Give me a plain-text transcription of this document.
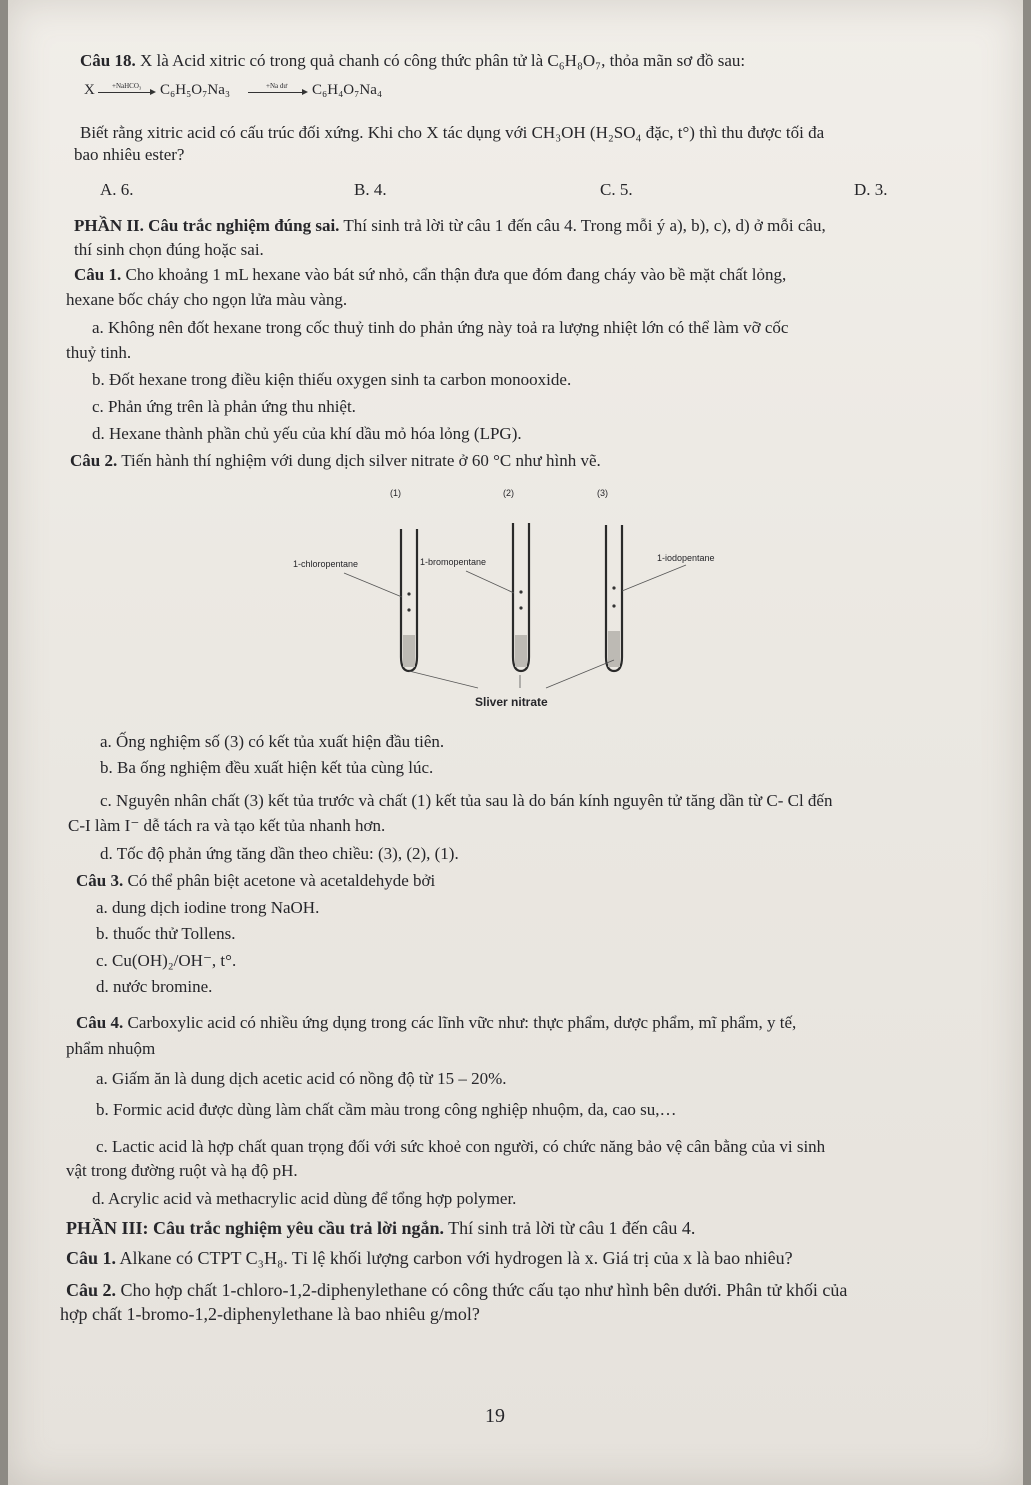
Câu 18. X là Acid xitric có trong quả chanh có công thức phân tử là C₆H₈O₇, thỏa mãn sơ đồ sau:
X +NaHCO₃ C₆H₅O₇Na₃	+Na dư C₆H₄O₇Na₄
Biết rằng xitric acid có cấu trúc đối xứng. Khi cho X tác dụng với CH₃OH (H₂SO₄ đặc, t°) thì thu được tối đa
bao nhiêu ester?
A. 6.	B. 4.	C. 5.	D. 3.
PHẦN II. Câu trắc nghiệm đúng sai. Thí sinh trả lời từ câu 1 đến câu 4. Trong mỗi ý a), b), c), d) ở mỗi câu,
thí sinh chọn đúng hoặc sai.
Câu 1. Cho khoảng 1 mL hexane vào bát sứ nhỏ, cẩn thận đưa que đóm đang cháy vào bề mặt chất lỏng,
hexane bốc cháy cho ngọn lửa màu vàng.
a. Không nên đốt hexane trong cốc thuỷ tinh do phản ứng này toả ra lượng nhiệt lớn có thể làm vỡ cốc
thuỷ tinh.
b. Đốt hexane trong điều kiện thiếu oxygen sinh ta carbon monooxide.
c. Phản ứng trên là phản ứng thu nhiệt.
d. Hexane thành phần chủ yếu của khí dầu mỏ hóa lỏng (LPG).
Câu 2. Tiến hành thí nghiệm với dung dịch silver nitrate ở 60 °C như hình vẽ.
(1)	(2)	(3)
1-chloropentane	1-bromopentane	1-iodopentane
Sliver nitrate
a. Ống nghiệm số (3) có kết tủa xuất hiện đầu tiên.
b. Ba ống nghiệm đều xuất hiện kết tủa cùng lúc.
c. Nguyên nhân chất (3) kết tủa trước và chất (1) kết tủa sau là do bán kính nguyên tử tăng dần từ C- Cl đến
C-I làm I⁻ dễ tách ra và tạo kết tủa nhanh hơn.
d. Tốc độ phản ứng tăng dần theo chiều: (3), (2), (1).
Câu 3. Có thể phân biệt acetone và acetaldehyde bởi
a. dung dịch iodine trong NaOH.
b. thuốc thử Tollens.
c. Cu(OH)₂/OH⁻, t°.
d. nước bromine.
Câu 4. Carboxylic acid có nhiều ứng dụng trong các lĩnh vữc như: thực phẩm, dược phẩm, mĩ phẩm, y tế,
phẩm nhuộm
a. Giấm ăn là dung dịch acetic acid có nồng độ từ 15 – 20%.
b. Formic acid được dùng làm chất cầm màu trong công nghiệp nhuộm, da, cao su,…
c. Lactic acid là hợp chất quan trọng đối với sức khoẻ con người, có chức năng bảo vệ cân bằng của vi sinh
vật trong đường ruột và hạ độ pH.
d. Acrylic acid và methacrylic acid dùng để tổng hợp polymer.
PHẦN III: Câu trắc nghiệm yêu cầu trả lời ngắn. Thí sinh trả lời từ câu 1 đến câu 4.
Câu 1. Alkane có CTPT C₃H₈. Tỉ lệ khối lượng carbon với hydrogen là x. Giá trị của x là bao nhiêu?
Câu 2. Cho hợp chất 1-chloro-1,2-diphenylethane có công thức cấu tạo như hình bên dưới. Phân tử khối của
hợp chất 1-bromo-1,2-diphenylethane là bao nhiêu g/mol?
19
